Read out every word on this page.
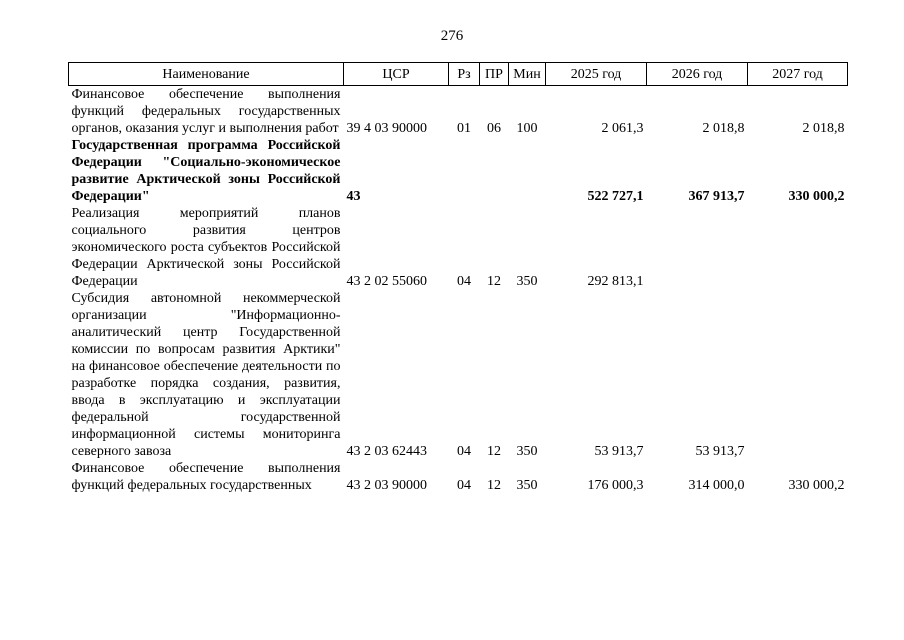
276
Наименование	ЦСР	Рз	ПР	Мин	2025 год	2026 год	2027 год
Финансовое обеспечение выполнения функций федеральных государственных органов, оказания услуг и выполнения работ	39 4 03 90000	01	06	100	2 061,3	2 018,8	2 018,8
Государственная программа Российской Федерации "Социально-экономическое развитие Арктической зоны Российской Федерации"	43				522 727,1	367 913,7	330 000,2
Реализация мероприятий планов социального развития центров экономического роста субъектов Российской Федерации Арктической зоны Российской Федерации	43 2 02 55060	04	12	350	292 813,1		
Субсидия автономной некоммерческой организации "Информационно-аналитический центр Государственной комиссии по вопросам развития Арктики" на финансовое обеспечение деятельности по разработке порядка создания, развития, ввода в эксплуатацию и эксплуатации федеральной государственной информационной системы мониторинга северного завоза	43 2 03 62443	04	12	350	53 913,7	53 913,7	
Финансовое обеспечение выполнения функций федеральных государственных	43 2 03 90000	04	12	350	176 000,3	314 000,0	330 000,2
